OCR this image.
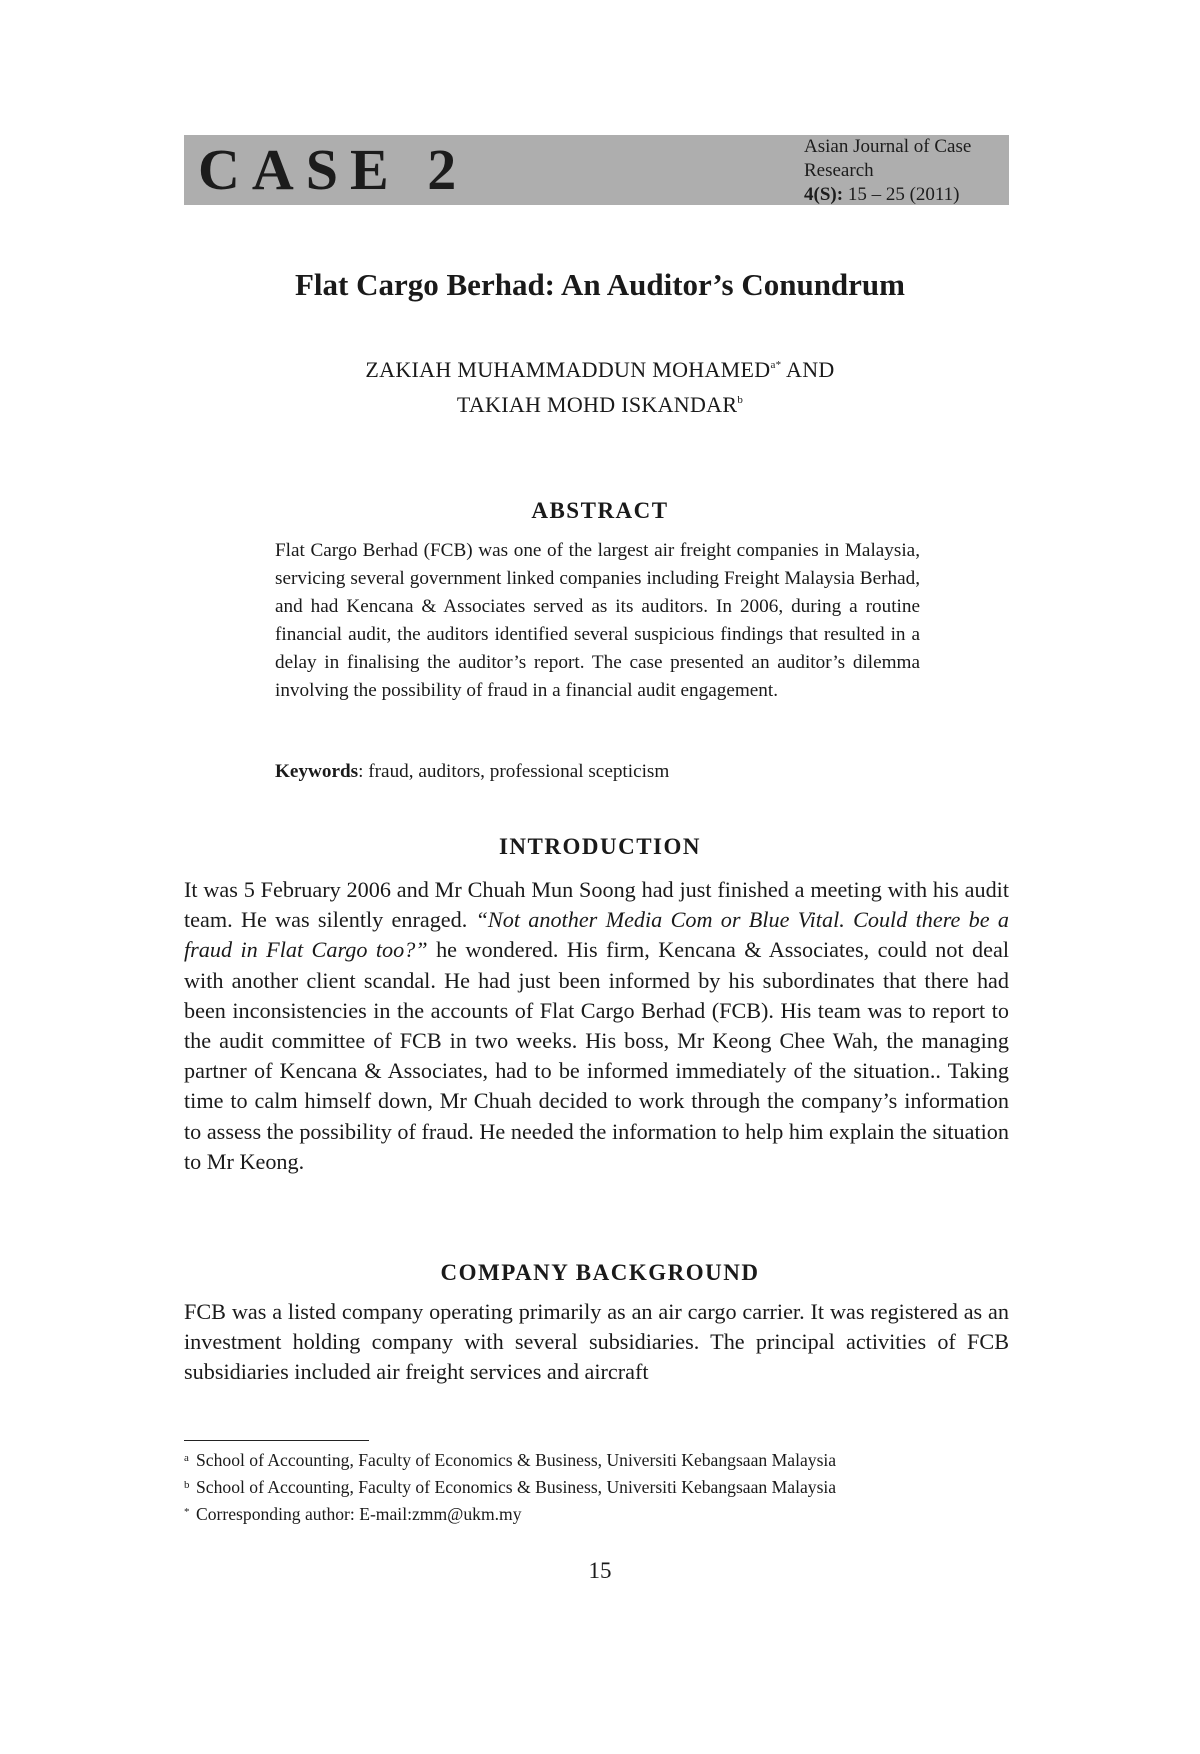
CASE 2	Asian Journal of Case Research
4(S): 15 – 25 (2011)
Flat Cargo Berhad: An Auditor’s Conundrum
ZAKIAH MUHAMMADDUN $MOHAMED^{a*}$ AND
TAKIAH MOHD ISKANDAR$^b$
ABSTRACT
Flat Cargo Berhad (FCB) was one of the largest air freight companies in Malaysia, servicing several government linked companies including Freight Malaysia Berhad, and had Kencana & Associates served as its auditors. In 2006, during a routine financial audit, the auditors identified several suspicious findings that resulted in a delay in finalising the auditor’s report. The case presented an auditor’s dilemma involving the possibility of fraud in a financial audit engagement.
Keywords: fraud, auditors, professional scepticism
INTRODUCTION
It was 5 February 2006 and Mr Chuah Mun Soong had just finished a meeting with his audit team. He was silently enraged. “Not another Media Com or Blue Vital. Could there be a fraud in Flat Cargo too?” he wondered. His firm, Kencana & Associates, could not deal with another client scandal. He had just been informed by his subordinates that there had been inconsistencies in the accounts of Flat Cargo Berhad (FCB). His team was to report to the audit committee of FCB in two weeks. His boss, Mr Keong Chee Wah, the managing partner of Kencana & Associates, had to be informed immediately of the situation.. Taking time to calm himself down, Mr Chuah decided to work through the company’s information to assess the possibility of fraud. He needed the information to help him explain the situation to Mr Keong.
COMPANY BACKGROUND
FCB was a listed company operating primarily as an air cargo carrier. It was registered as an investment holding company with several subsidiaries. The principal activities of FCB subsidiaries included air freight services and aircraft
a School of Accounting, Faculty of Economics & Business, Universiti Kebangsaan Malaysia
b School of Accounting, Faculty of Economics & Business, Universiti Kebangsaan Malaysia
* Corresponding author: E-mail:zmm@ukm.my
15
